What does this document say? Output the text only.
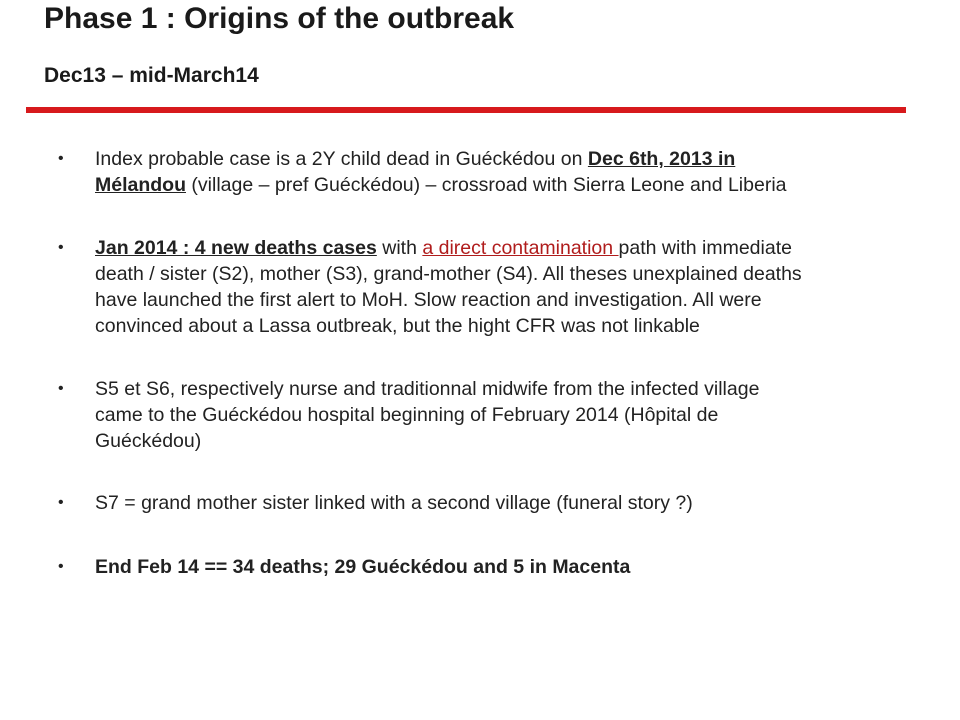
Phase 1 : Origins of the outbreak
Dec13 – mid-March14
• Index probable case is a 2Y child dead in Guéckédou on Dec 6th, 2013 in
Mélandou (village – pref Guéckédou) – crossroad with Sierra Leone and Liberia
• Jan 2014 : 4 new deaths cases with a direct contamination path with immediate
death / sister (S2), mother (S3), grand-mother (S4). All theses unexplained deaths
have launched the first alert to MoH. Slow reaction and investigation. All were
convinced about a Lassa outbreak, but the hight CFR was not linkable
• S5 et S6, respectively nurse and traditionnal midwife from the infected village
came to the Guéckédou hospital beginning of February 2014 (Hôpital de
Guéckédou)
• S7 = grand mother sister linked with a second village (funeral story ?)
• End Feb 14 == 34 deaths; 29 Guéckédou and 5 in Macenta
